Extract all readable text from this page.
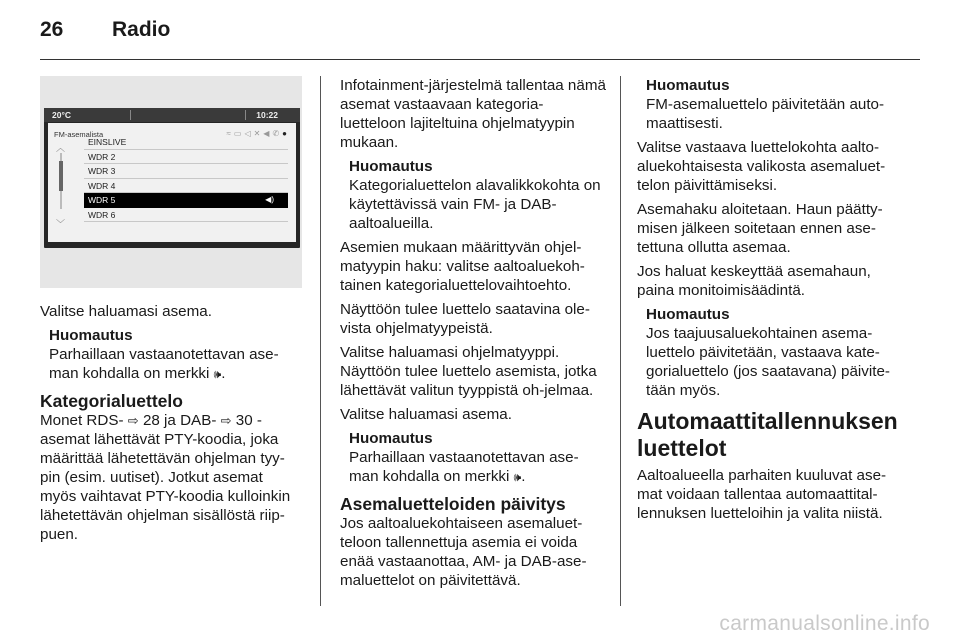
26	Radio
20°C	10:22
FM-asemalista	≈▭◁✕◀✆●
︿
﹀
EINSLIVE
WDR 2
WDR 3
WDR 4
WDR 5	◀)
WDR 6

Valitse haluamasi asema.

Huomautus
Parhaillaan vastaanotettavan ase-
man kohdalla on merkki 🕪.
Kategorialuettelo

Monet RDS- ⇨ 28 ja DAB- ⇨ 30 - asemat lähettävät PTY-koodia, joka määrittää lähetettävän ohjelman tyy-pin (esim. uutiset). Jotkut asemat myös vaihtavat PTY-koodia kulloinkin lähetettävän ohjelman sisällöstä riip-puen.

Infotainment-järjestelmä tallentaa nämä asemat vastaavaan kategoria-luetteloon lajiteltuina ohjelmatyypin mukaan.

Huomautus
Kategorialuettelon alavalikkokohta on käytettävissä vain FM- ja DAB-aaltoalueilla.

Asemien mukaan määrittyvän ohjel-matyypin haku: valitse aaltoaluekoh-tainen kategorialuettelovaihtoehto.

Näyttöön tulee luettelo saatavina ole-vista ohjelmatyypeistä.

Valitse haluamasi ohjelmatyyppi. Näyttöön tulee luettelo asemista, jotka lähettävät valitun tyyppistä oh-jelmaa.

Valitse haluamasi asema.

Huomautus
Parhaillaan vastaanotettavan ase-
man kohdalla on merkki 🕪.
Asemaluetteloiden päivitys

Jos aaltoaluekohtaiseen asemaluet-teloon tallennettuja asemia ei voida enää vastaanottaa, AM- ja DAB-ase-maluettelot on päivitettävä.

Huomautus
FM-asemaluettelo päivitetään auto-maattisesti.

Valitse vastaava luettelokohta aalto-aluekohtaisesta valikosta asemaluet-telon päivittämiseksi.

Asemahaku aloitetaan. Haun päätty-misen jälkeen soitetaan ennen ase-tettuna ollutta asemaa.

Jos haluat keskeyttää asemahaun, paina monitoimisäädintä.

Huomautus
Jos taajuusaluekohtainen asema-luettelo päivitetään, vastaava kate-gorialuettelo (jos saatavana) päivite-tään myös.
Automaattitallennuksen luettelot

Aaltoalueella parhaiten kuuluvat ase-mat voidaan tallentaa automaattital-lennuksen luetteloihin ja valita niistä.

carmanualsonline.info
